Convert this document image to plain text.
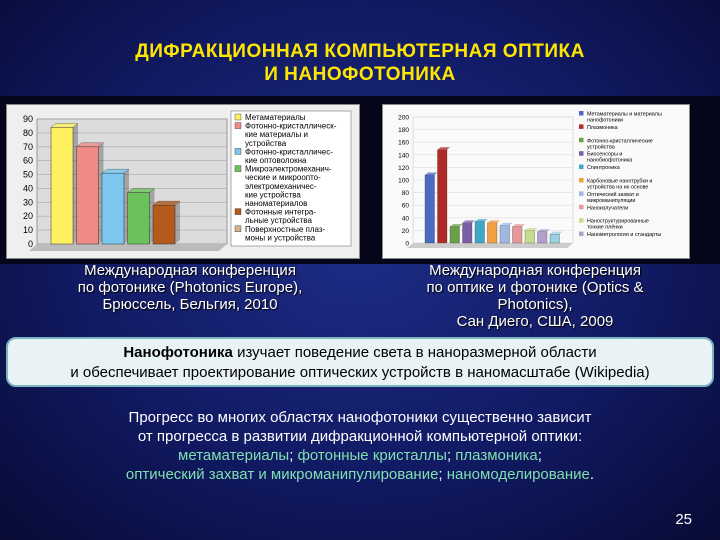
ДИФРАКЦИОННАЯ КОМПЬЮТЕРНАЯ ОПТИКА
И НАНОФОТОНИКА
90
80
70
60
50
40
30
20
10
0
Метаматериалы
Фотонно-кристаллическ-
кие материалы и
устройства
Фотонно-кристалличес-
кие оптоволокна
Микроэлектромеханич-
ческие и микроопто-
электромеханичес-
кие устройства
наноматериалов
Фотонные интегра-
льные устройства
Поверхностные плаз-
моны и устройства
200
180
160
140
120
100
80
60
40
20
0
Метаматериалы и материалы нанофотоники
Плазмоника
Фотонно-кристаллические устройства
Биосенсоры и нанобиофотоника
Спинтроника
Карбоновые нанотрубки и устройства на их основе
Оптический захват и микроманипуляции
Наноизлучатели
Наноструктурированные тонкие плёнки
Нанометрология и стандарты
Международная конференция
по фотонике (Photonics Europe),
Брюссель, Бельгия, 2010
Международная конференция
по оптике и фотонике (Optics &
Photonics),
Сан Диего, США, 2009
Нанофотоника изучает поведение света в наноразмерной области
и обеспечивает проектирование оптических устройств в наномасштабе (Wikipedia)
Прогресс во многих областях нанофотоники существенно зависит
от прогресса в развитии дифракционной компьютерной оптики:
метаматериалы; фотонные кристаллы; плазмоника;
оптический захват и микроманипулирование; наномоделирование.
25
